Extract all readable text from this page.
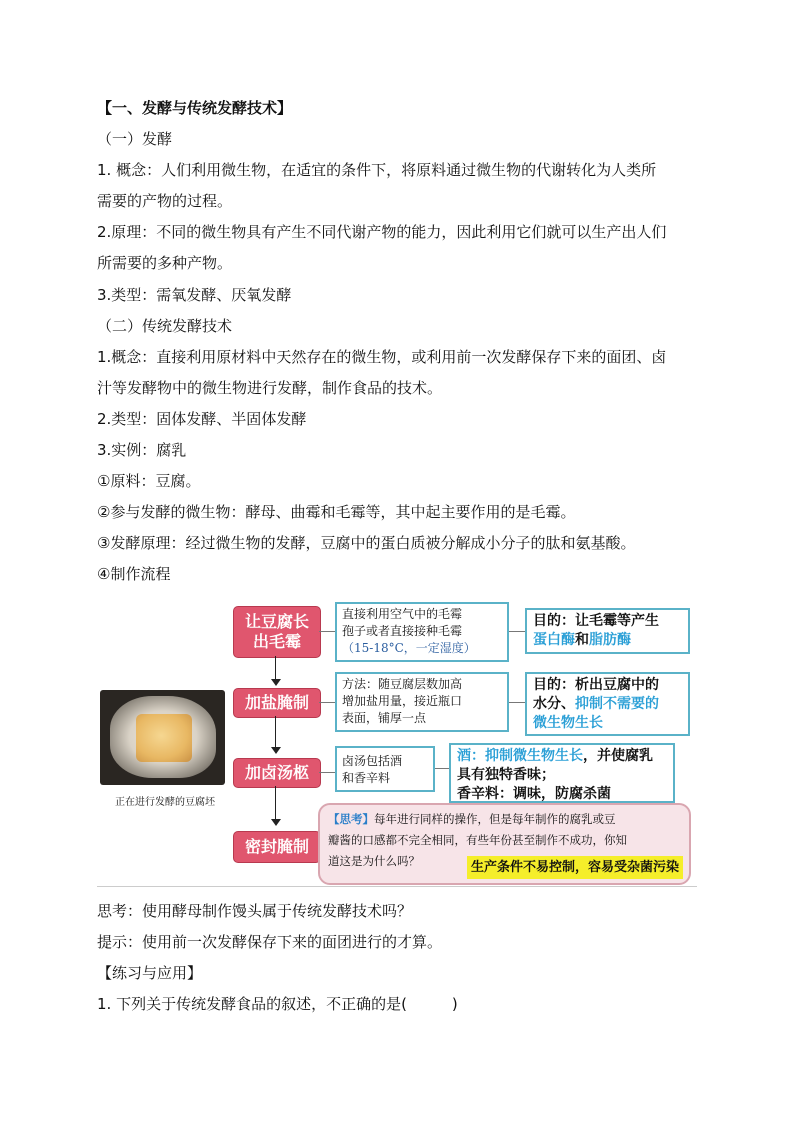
【一、发酵与传统发酵技术】
（一）发酵
1. 概念：人们利用微生物，在适宜的条件下，将原料通过微生物的代谢转化为人类所
需要的产物的过程。
2.原理：不同的微生物具有产生不同代谢产物的能力，因此利用它们就可以生产出人们
所需要的多种产物。
3.类型：需氧发酵、厌氧发酵
（二）传统发酵技术
1.概念：直接利用原材料中天然存在的微生物，或利用前一次发酵保存下来的面团、卤
汁等发酵物中的微生物进行发酵，制作食品的技术。
2.类型：固体发酵、半固体发酵
3.实例：腐乳
①原料：豆腐。
②参与发酵的微生物：酵母、曲霉和毛霉等，其中起主要作用的是毛霉。
③发酵原理：经过微生物的发酵，豆腐中的蛋白质被分解成小分子的肽和氨基酸。
④制作流程
正在进行发酵的豆腐坯
让豆腐长出毛霉
直接利用空气中的毛霉
孢子或者直接接种毛霉
（15-18°C，一定湿度）
目的：让毛霉等产生
蛋白酶和脂肪酶
加盐腌制
方法：随豆腐层数加高
增加盐用量，接近瓶口
表面，铺厚一点
目的：析出豆腐中的
水分、抑制不需要的
微生物生长
加卤汤柩
卤汤包括酒
和香辛料
酒：抑制微生物生长，并使腐乳
具有独特香味；
香辛料：调味，防腐杀菌
密封腌制
【思考】每年进行同样的操作，但是每年制作的腐乳或豆
瓣酱的口感都不完全相同，有些年份甚至制作不成功，你知
道这是为什么吗？	生产条件不易控制，容易受杂菌污染
思考：使用酵母制作馒头属于传统发酵技术吗？
提示：使用前一次发酵保存下来的面团进行的才算。
【练习与应用】
1. 下列关于传统发酵食品的叙述，不正确的是(　　　)
